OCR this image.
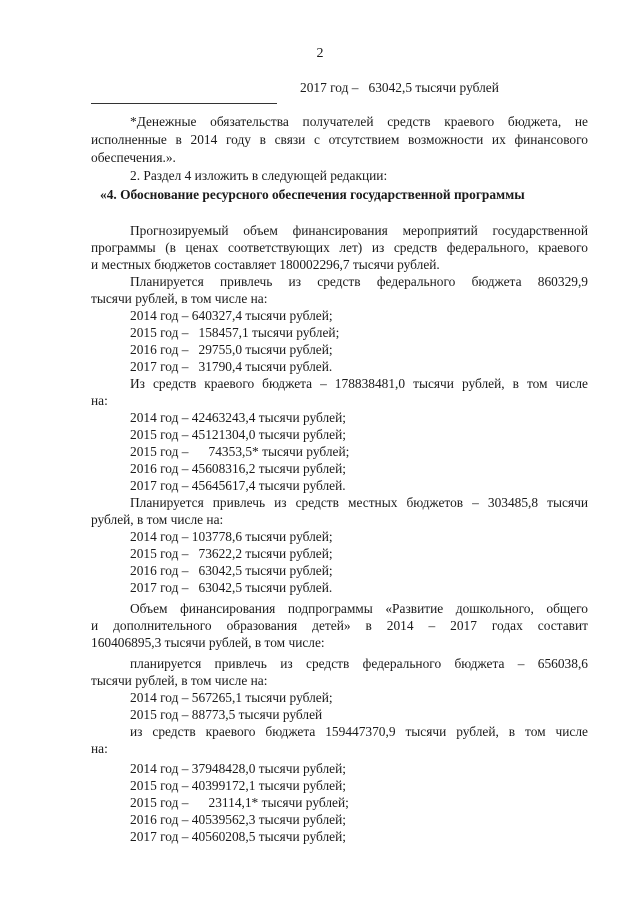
2
2017 год –   63042,5 тысячи рублей
*Денежные обязательства получателей средств краевого бюджета, не
исполненные в 2014 году в связи с отсутствием возможности их финансового
обеспечения.».
2. Раздел 4 изложить в следующей редакции:
«4. Обоснование ресурсного обеспечения государственной программы
Прогнозируемый объем финансирования мероприятий государственной
программы (в ценах соответствующих лет) из средств федерального, краевого
и местных бюджетов составляет 180002296,7 тысячи рублей.
Планируется привлечь из средств федерального бюджета 860329,9
тысячи рублей, в том числе на:
2014 год – 640327,4 тысячи рублей;
2015 год –   158457,1 тысячи рублей;
2016 год –   29755,0 тысячи рублей;
2017 год –   31790,4 тысячи рублей.
Из средств краевого бюджета – 178838481,0 тысячи рублей, в том числе
на:
2014 год – 42463243,4 тысячи рублей;
2015 год – 45121304,0 тысячи рублей;
2015 год –      74353,5* тысячи рублей;
2016 год – 45608316,2 тысячи рублей;
2017 год – 45645617,4 тысячи рублей.
Планируется привлечь из средств местных бюджетов – 303485,8 тысячи
рублей, в том числе на:
2014 год – 103778,6 тысячи рублей;
2015 год –   73622,2 тысячи рублей;
2016 год –   63042,5 тысячи рублей;
2017 год –   63042,5 тысячи рублей.
Объем финансирования подпрограммы «Развитие дошкольного, общего
и дополнительного образования детей» в 2014 – 2017 годах составит
160406895,3 тысячи рублей, в том числе:
планируется привлечь из средств федерального бюджета – 656038,6
тысячи рублей, в том числе на:
2014 год – 567265,1 тысячи рублей;
2015 год – 88773,5 тысячи рублей
из средств краевого бюджета 159447370,9 тысячи рублей, в том числе
на:
2014 год – 37948428,0 тысячи рублей;
2015 год – 40399172,1 тысячи рублей;
2015 год –      23114,1* тысячи рублей;
2016 год – 40539562,3 тысячи рублей;
2017 год – 40560208,5 тысячи рублей;
